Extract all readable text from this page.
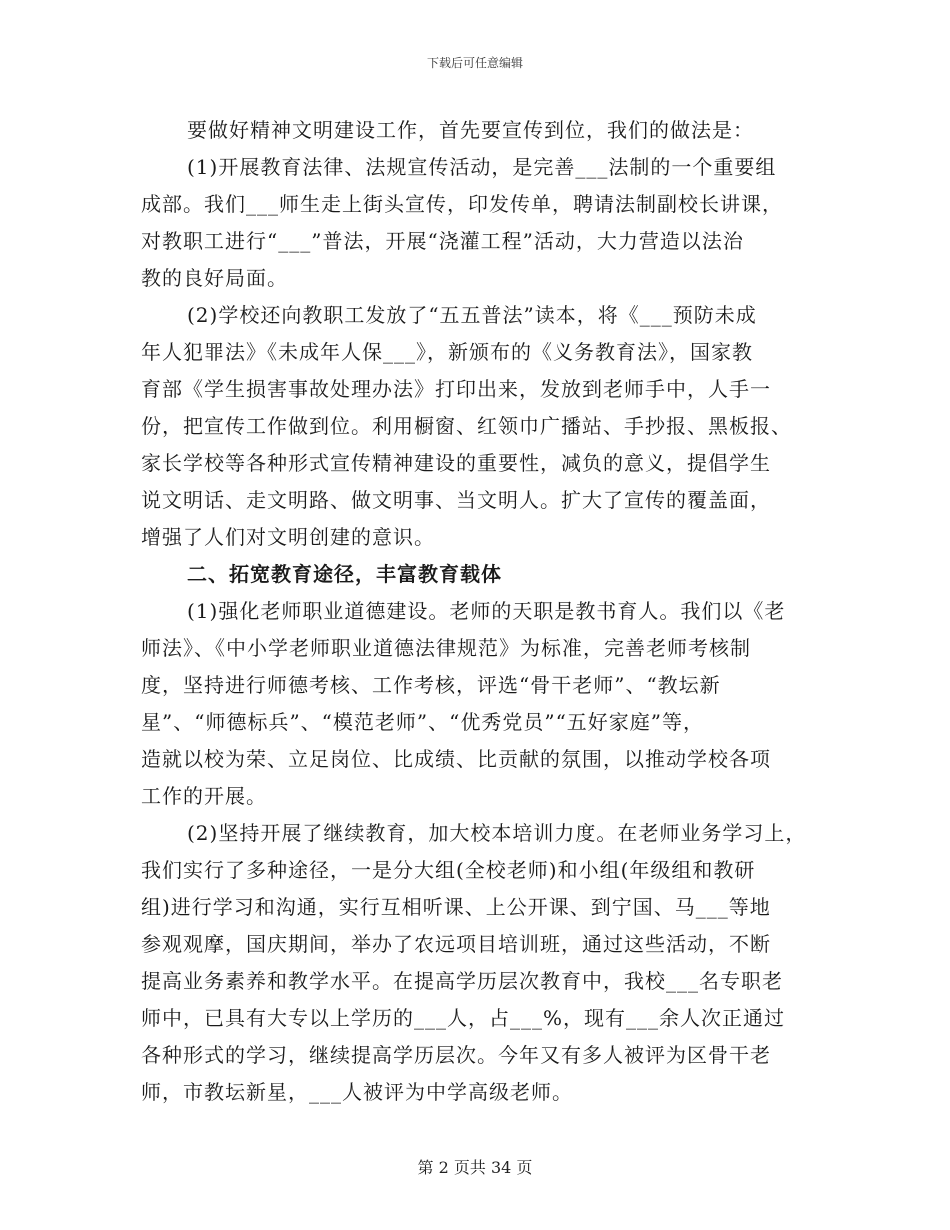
下载后可任意编辑
要做好精神文明建设工作，首先要宣传到位，我们的做法是：
(1)开展教育法律、法规宣传活动，是完善___法制的一个重要组
成部。我们___师生走上街头宣传，印发传单，聘请法制副校长讲课，
对教职工进行“___”普法，开展“浇灌工程”活动，大力营造以法治
教的良好局面。
(2)学校还向教职工发放了“五五普法”读本，将《___预防未成
年人犯罪法》《未成年人保___》，新颁布的《义务教育法》，国家教
育部《学生损害事故处理办法》打印出来，发放到老师手中，人手一
份，把宣传工作做到位。利用橱窗、红领巾广播站、手抄报、黑板报、
家长学校等各种形式宣传精神建设的重要性，减负的意义，提倡学生
说文明话、走文明路、做文明事、当文明人。扩大了宣传的覆盖面，
增强了人们对文明创建的意识。
二、拓宽教育途径，丰富教育载体
(1)强化老师职业道德建设。老师的天职是教书育人。我们以《老
师法》、《中小学老师职业道德法律规范》为标准，完善老师考核制
度，坚持进行师德考核、工作考核，评选“骨干老师”、“教坛新
星”、“师德标兵”、“模范老师”、“优秀党员”“五好家庭”等，
造就以校为荣、立足岗位、比成绩、比贡献的氛围，以推动学校各项
工作的开展。
(2)坚持开展了继续教育，加大校本培训力度。在老师业务学习上，
我们实行了多种途径，一是分大组(全校老师)和小组(年级组和教研
组)进行学习和沟通，实行互相听课、上公开课、到宁国、马___等地
参观观摩，国庆期间，举办了农远项目培训班，通过这些活动，不断
提高业务素养和教学水平。在提高学历层次教育中，我校___名专职老
师中，已具有大专以上学历的___人，占___%，现有___余人次正通过
各种形式的学习，继续提高学历层次。今年又有多人被评为区骨干老
师，市教坛新星，___人被评为中学高级老师。
第 2 页共 34 页
